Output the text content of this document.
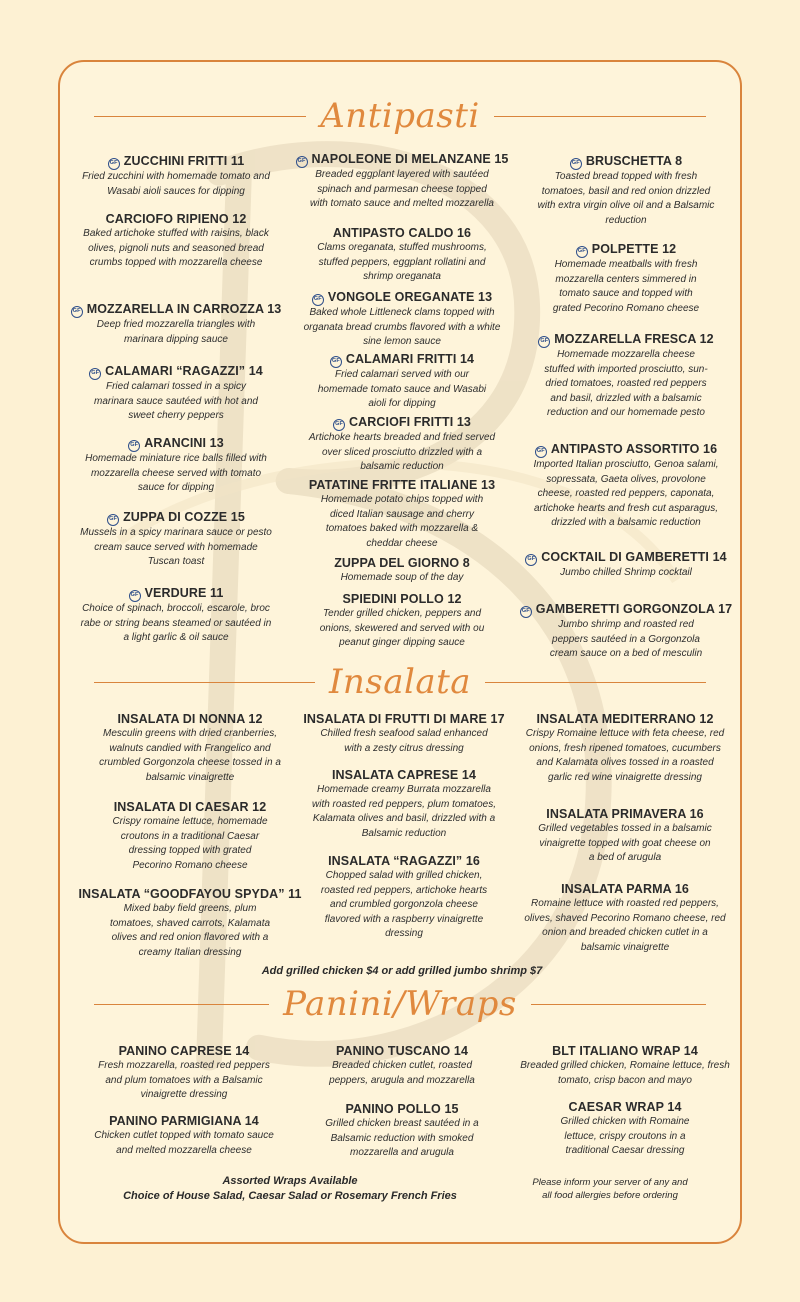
Antipasti
GF ZUCCHINI FRITTI 11
Fried zucchini with homemade tomato and Wasabi aioli sauces for dipping
CARCIOFO RIPIENO 12
Baked artichoke stuffed with raisins, black olives, pignoli nuts and seasoned bread crumbs topped with mozzarella cheese
GF MOZZARELLA IN CARROZZA 13
Deep fried mozzarella triangles with marinara dipping sauce
GF CALAMARI “RAGAZZI” 14
Fried calamari tossed in a spicy marinara sauce sautéed with hot and sweet cherry peppers
GF ARANCINI 13
Homemade miniature rice balls filled with mozzarella cheese served with tomato sauce for dipping
GF ZUPPA DI COZZE 15
Mussels in a spicy marinara sauce or pesto cream sauce served with homemade Tuscan toast
GF VERDURE 11
Choice of spinach, broccoli, escarole, broc rabe or string beans steamed or sautéed in a light garlic & oil sauce
GF NAPOLEONE DI MELANZANE 15
Breaded eggplant layered with sautéed spinach and parmesan cheese topped with tomato sauce and melted mozzarella
ANTIPASTO CALDO 16
Clams oreganata, stuffed mushrooms, stuffed peppers, eggplant rollatini and shrimp oreganata
GF VONGOLE OREGANATE 13
Baked whole Littleneck clams topped with organata bread crumbs flavored with a white sine lemon sauce
GF CALAMARI FRITTI 14
Fried calamari served with our homemade tomato sauce and Wasabi aioli for dipping
GF CARCIOFI FRITTI 13
Artichoke hearts breaded and fried served over sliced prosciutto drizzled with a balsamic reduction
PATATINE FRITTE ITALIANE 13
Homemade potato chips topped with diced Italian sausage and cherry tomatoes baked with mozzarella & cheddar cheese
ZUPPA DEL GIORNO 8
Homemade soup of the day
SPIEDINI POLLO 12
Tender grilled chicken, peppers and onions, skewered and served with ou peanut ginger dipping sauce
GF BRUSCHETTA 8
Toasted bread topped with fresh tomatoes, basil and red onion drizzled with extra virgin olive oil and a Balsamic reduction
GF POLPETTE 12
Homemade meatballs with fresh mozzarella centers simmered in tomato sauce and topped with grated Pecorino Romano cheese
GF MOZZARELLA FRESCA 12
Homemade mozzarella cheese stuffed with imported prosciutto, sun-dried tomatoes, roasted red peppers and basil, drizzled with a balsamic reduction and our homemade pesto
GF ANTIPASTO ASSORTITO 16
Imported Italian prosciutto, Genoa salami, sopressata, Gaeta olives, provolone cheese, roasted red peppers, caponata, artichoke hearts and fresh cut asparagus, drizzled with a balsamic reduction
GF COCKTAIL DI GAMBERETTI 14
Jumbo chilled Shrimp cocktail
GF GAMBERETTI GORGONZOLA 17
Jumbo shrimp and roasted red peppers sautéed in a Gorgonzola cream sauce on a bed of mesculin
Insalata
INSALATA DI NONNA 12
Mesculin greens with dried cranberries, walnuts candied with Frangelico and crumbled Gorgonzola cheese tossed in a balsamic vinaigrette
INSALATA DI CAESAR 12
Crispy romaine lettuce, homemade croutons in a traditional Caesar dressing topped with grated Pecorino Romano cheese
INSALATA “GOODFAYOU SPYDA” 11
Mixed baby field greens, plum tomatoes, shaved carrots, Kalamata olives and red onion flavored with a creamy Italian dressing
INSALATA DI FRUTTI DI MARE 17
Chilled fresh seafood salad enhanced with a zesty citrus dressing
INSALATA CAPRESE 14
Homemade creamy Burrata mozzarella with roasted red peppers, plum tomatoes, Kalamata olives and basil, drizzled with a Balsamic reduction
INSALATA “RAGAZZI” 16
Chopped salad with grilled chicken, roasted red peppers, artichoke hearts and crumbled gorgonzola cheese flavored with a raspberry vinaigrette dressing
INSALATA MEDITERRANO 12
Crispy Romaine lettuce with feta cheese, red onions, fresh ripened tomatoes, cucumbers and Kalamata olives tossed in a roasted garlic red wine vinaigrette dressing
INSALATA PRIMAVERA 16
Grilled vegetables tossed in a balsamic vinaigrette topped with goat cheese on a bed of arugula
INSALATA PARMA 16
Romaine lettuce with roasted red peppers, olives, shaved Pecorino Romano cheese, red onion and breaded chicken cutlet in a balsamic vinaigrette
Add grilled chicken $4 or add grilled jumbo shrimp $7
Panini/Wraps
PANINO CAPRESE 14
Fresh mozzarella, roasted red peppers and plum tomatoes with a Balsamic vinaigrette dressing
PANINO PARMIGIANA 14
Chicken cutlet topped with tomato sauce and melted mozzarella cheese
PANINO TUSCANO 14
Breaded chicken cutlet, roasted peppers, arugula and mozzarella
PANINO POLLO 15
Grilled chicken breast sautéed in a Balsamic reduction with smoked mozzarella and arugula
BLT ITALIANO WRAP 14
Breaded grilled chicken, Romaine lettuce, fresh tomato, crisp bacon and mayo
CAESAR WRAP 14
Grilled chicken with Romaine lettuce, crispy croutons in a traditional Caesar dressing
Assorted Wraps Available
Choice of House Salad, Caesar Salad or Rosemary French Fries
Please inform your server of any and
all food allergies before ordering
